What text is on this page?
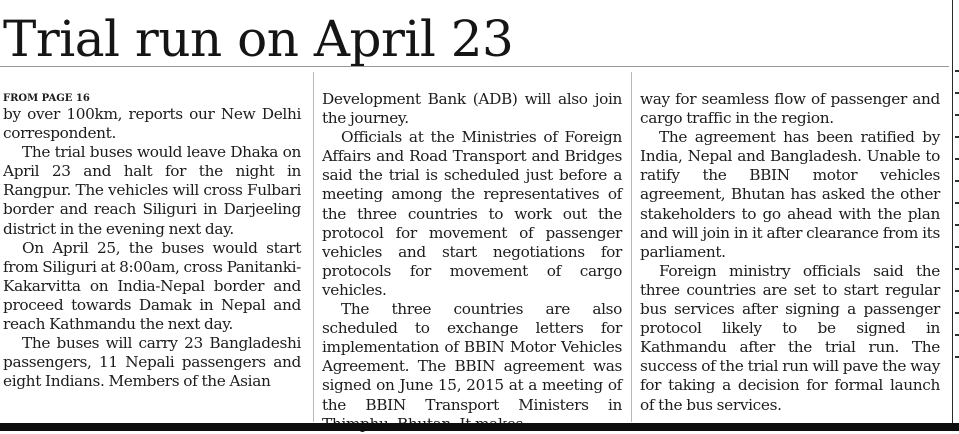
Trial run on April 23
FROM PAGE 16

by over 100km, reports our New Delhi correspondent.

The trial buses would leave Dhaka on April 23 and halt for the night in Rangpur. The vehicles will cross Fulbari border and reach Siliguri in Darjeeling district in the evening next day.

On April 25, the buses would start from Siliguri at 8:00am, cross Panitanki-Kakarvitta on India-Nepal border and proceed towards Damak in Nepal and reach Kathmandu the next day.

The buses will carry 23 Bangladeshi passengers, 11 Nepali passengers and eight Indians. Members of the Asian

Development Bank (ADB) will also join the journey.

Officials at the Ministries of Foreign Affairs and Road Transport and Bridges said the trial is scheduled just before a meeting among the representatives of the three countries to work out the protocol for movement of passenger vehicles and start negotiations for protocols for movement of cargo vehicles.

The three countries are also scheduled to exchange letters for implementation of BBIN Motor Vehicles Agreement. The BBIN agreement was signed on June 15, 2015 at a meeting of the BBIN Transport Ministers in

way for seamless flow of passenger and cargo traffic in the region.

The agreement has been ratified by India, Nepal and Bangladesh. Unable to ratify the BBIN motor vehicles agreement, Bhutan has asked the other stakeholders to go ahead with the plan and will join in it after clearance from its parliament.

Foreign ministry officials said the three countries are set to start regular bus services after signing a passenger protocol likely to be signed in Kathmandu after the trial run. The success of the trial run will pave the way for taking a decision for formal launch of the bus services.
